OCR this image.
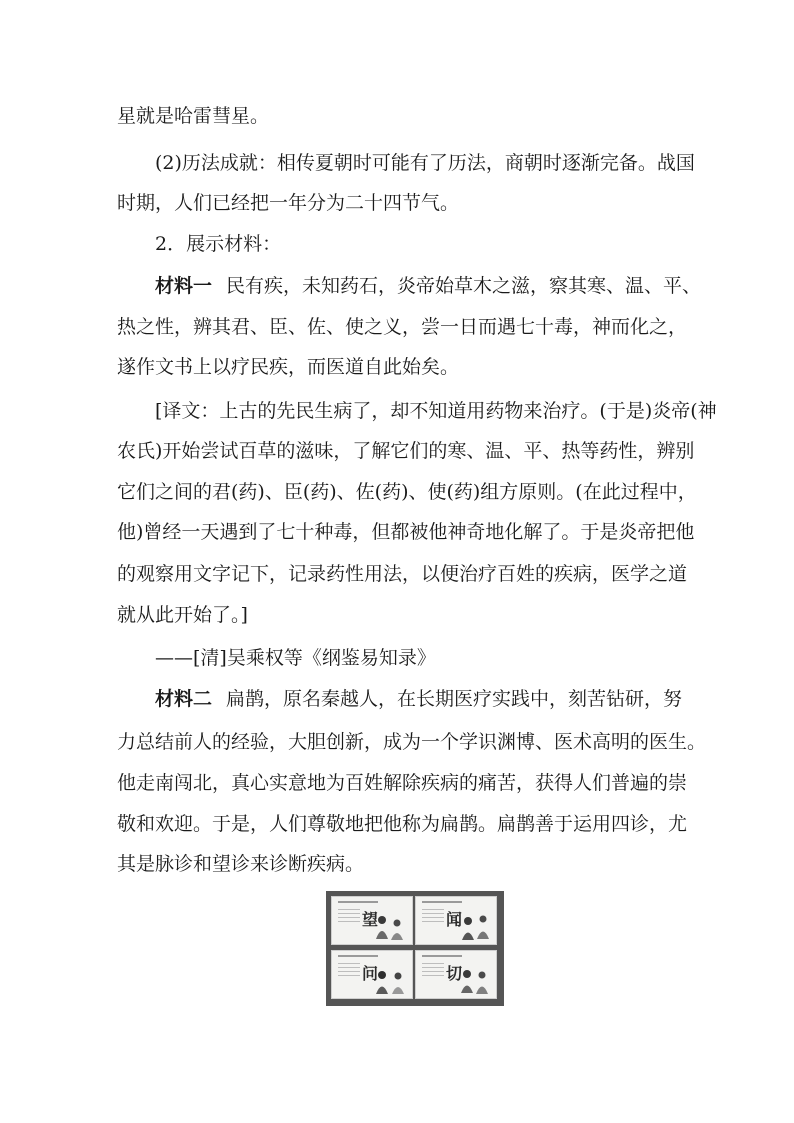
星就是哈雷彗星。
(2)历法成就：相传夏朝时可能有了历法，商朝时逐渐完备。战国
时期，人们已经把一年分为二十四节气。
2．展示材料：
材料一 民有疾，未知药石，炎帝始草木之滋，察其寒、温、平、
热之性，辨其君、臣、佐、使之义，尝一日而遇七十毒，神而化之，
遂作文书上以疗民疾，而医道自此始矣。
[译文：上古的先民生病了，却不知道用药物来治疗。(于是)炎帝(神
农氏)开始尝试百草的滋味，了解它们的寒、温、平、热等药性，辨别
它们之间的君(药)、臣(药)、佐(药)、使(药)组方原则。(在此过程中，
他)曾经一天遇到了七十种毒，但都被他神奇地化解了。于是炎帝把他
的观察用文字记下，记录药性用法，以便治疗百姓的疾病，医学之道
就从此开始了。]
——[清]吴乘权等《纲鉴易知录》
材料二 扁鹊，原名秦越人，在长期医疗实践中，刻苦钻研，努
力总结前人的经验，大胆创新，成为一个学识渊博、医术高明的医生。
他走南闯北，真心实意地为百姓解除疾病的痛苦，获得人们普遍的崇
敬和欢迎。于是，人们尊敬地把他称为扁鹊。扁鹊善于运用四诊，尤
其是脉诊和望诊来诊断疾病。
望	闻
问	切
